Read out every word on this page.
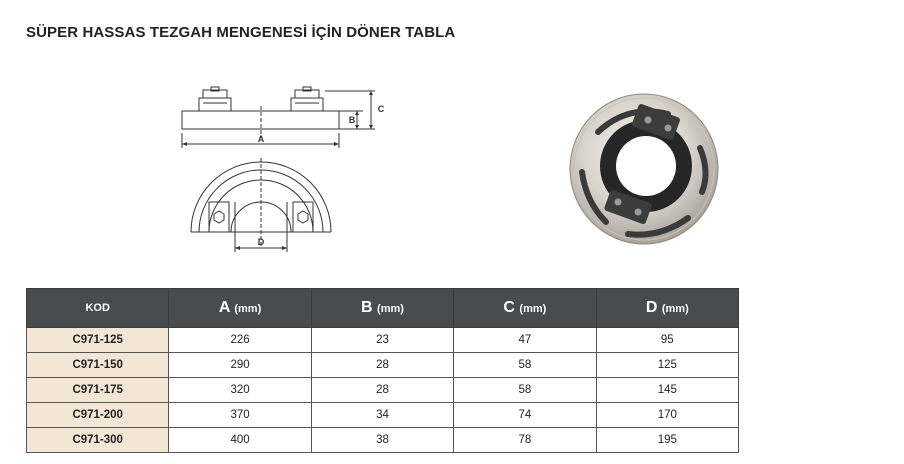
SÜPER HASSAS TEZGAH MENGENESİ İÇİN DÖNER TABLA
A
B
C
D
KOD	A (mm)	B (mm)	C (mm)	D (mm)
C971-125	226	23	47	95
C971-150	290	28	58	125
C971-175	320	28	58	145
C971-200	370	34	74	170
C971-300	400	38	78	195
